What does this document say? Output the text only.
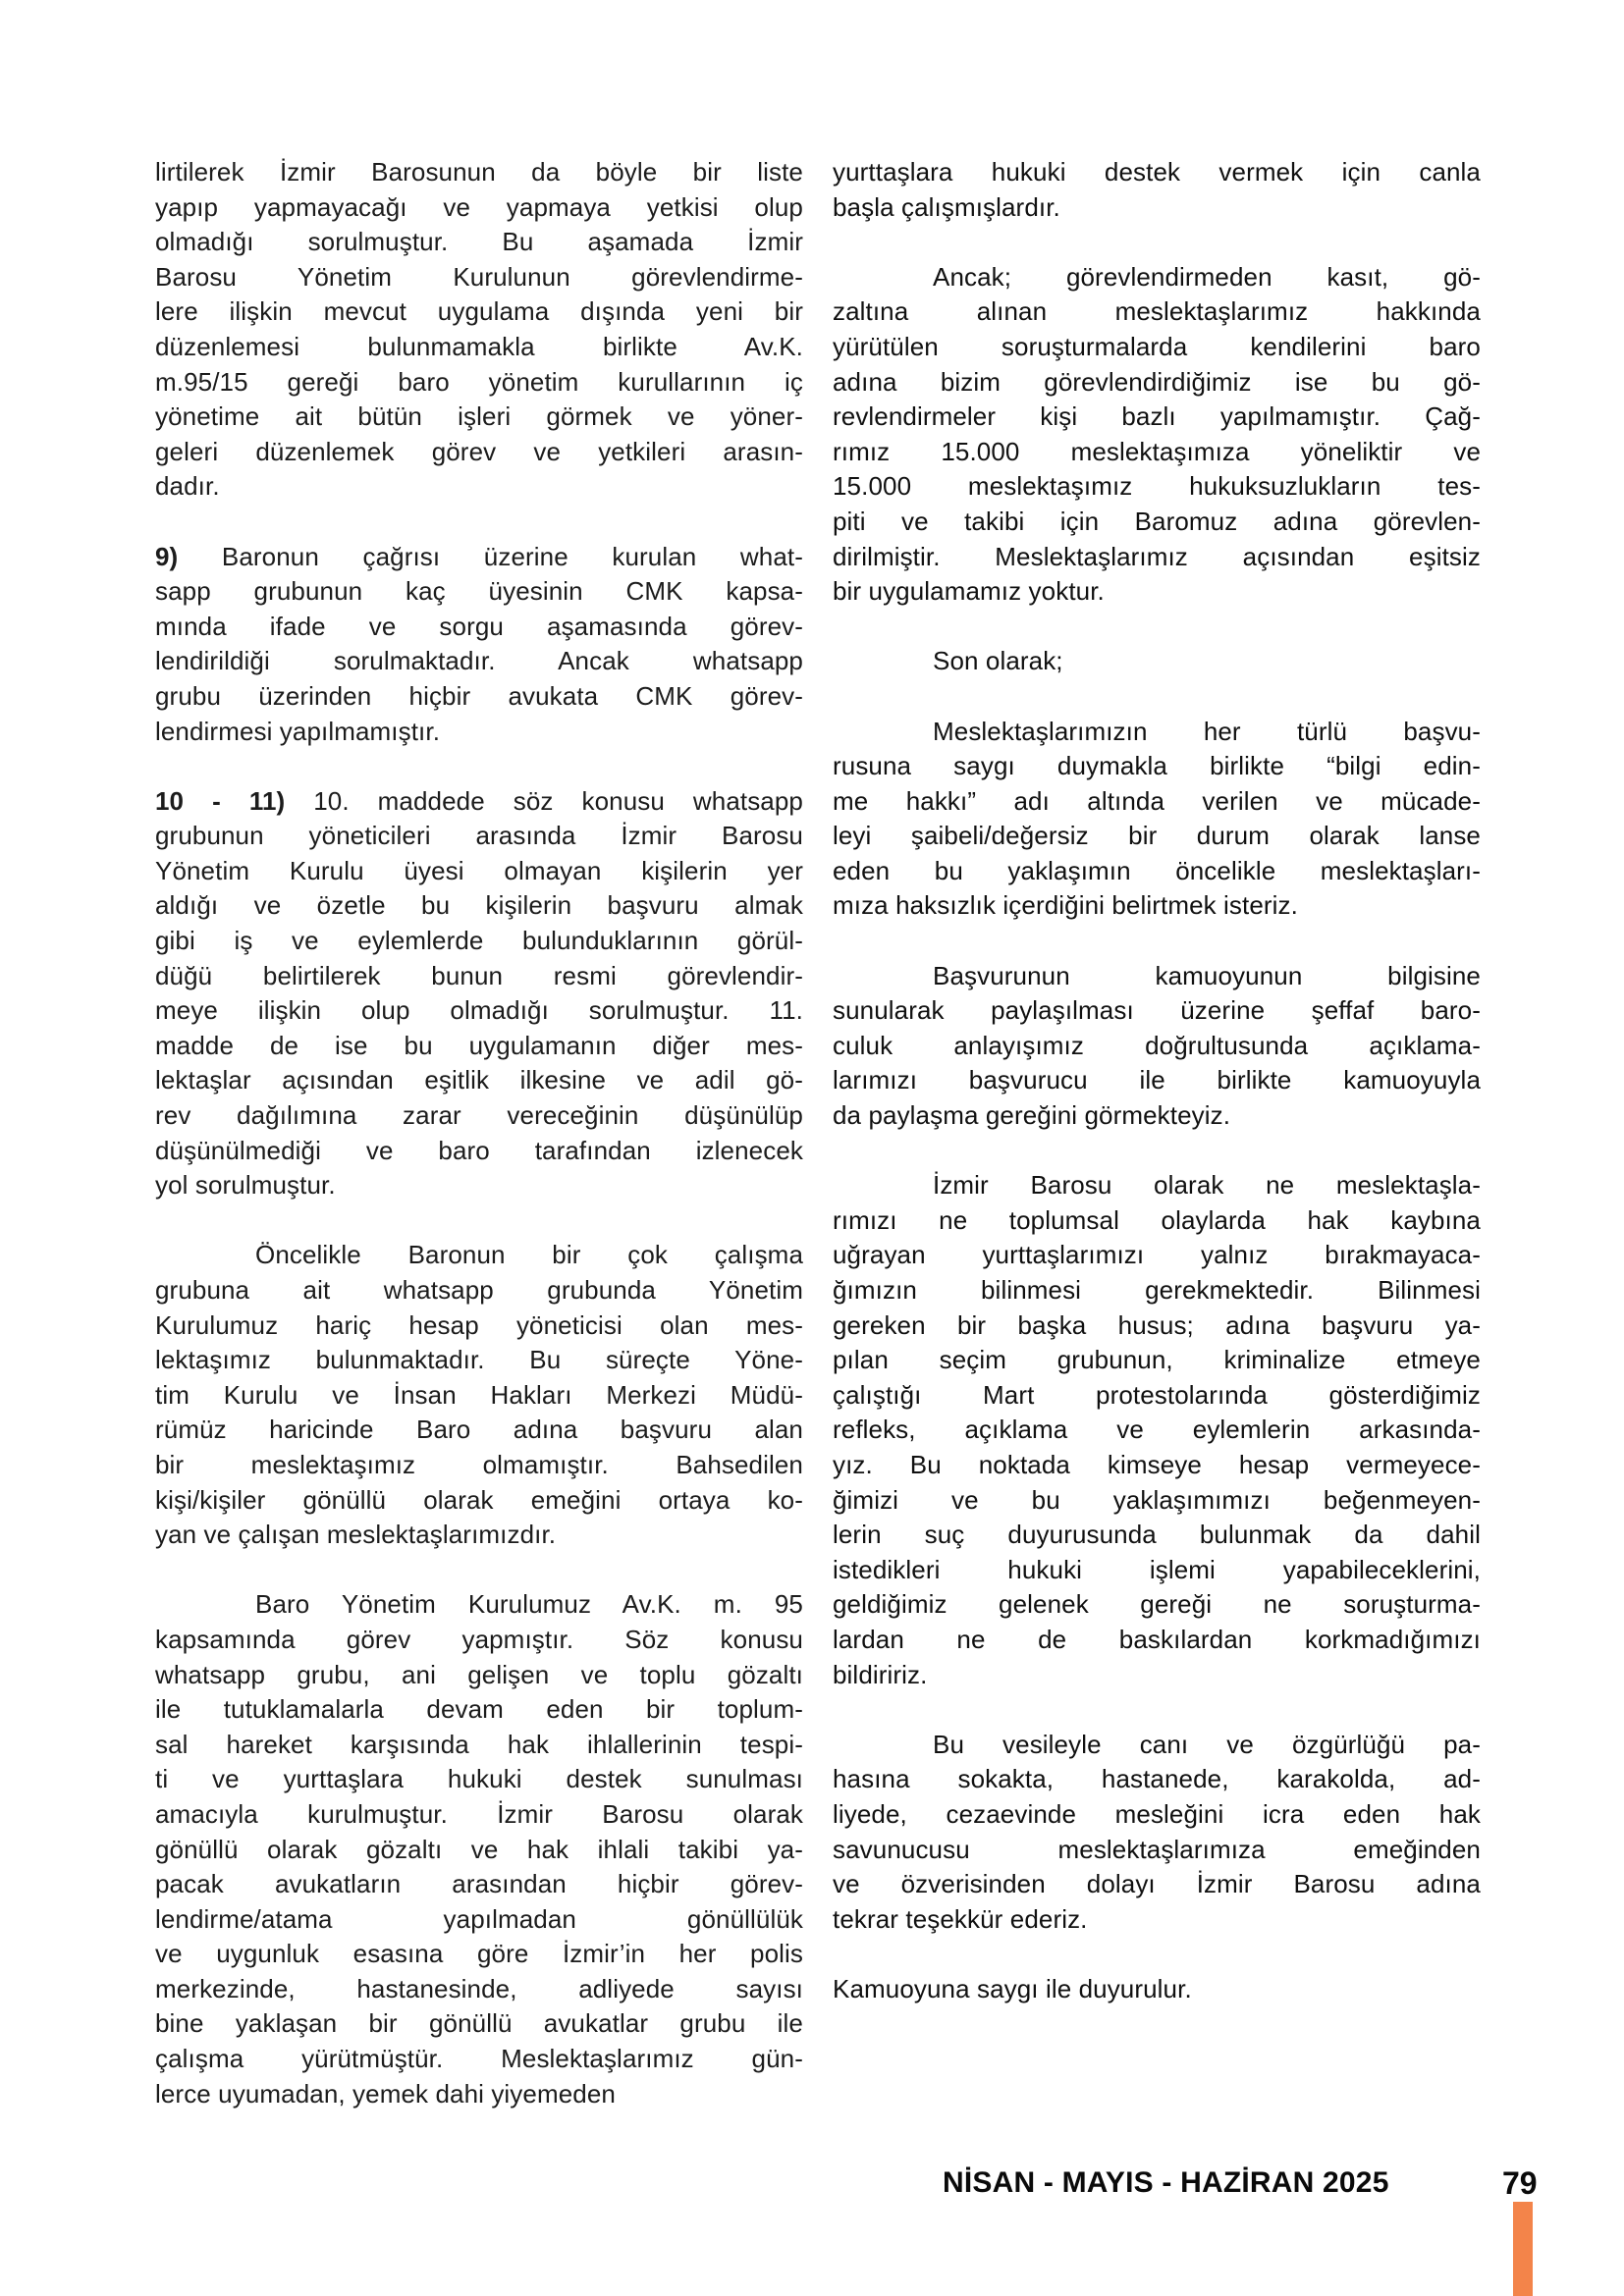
lirtilerek İzmir Barosunun da böyle bir liste
yapıp yapmayacağı ve yapmaya yetkisi olup
olmadığı sorulmuştur. Bu aşamada İzmir
Barosu Yönetim Kurulunun görevlendirme-
lere ilişkin mevcut uygulama dışında yeni bir
düzenlemesi bulunmamakla birlikte Av.K.
m.95/15 gereği baro yönetim kurullarının iç
yönetime ait bütün işleri görmek ve yöner-
geleri düzenlemek görev ve yetkileri arasın-
dadır.
9) Baronun çağrısı üzerine kurulan what-
sapp grubunun kaç üyesinin CMK kapsa-
mında ifade ve sorgu aşamasında görev-
lendirildiği sorulmaktadır. Ancak whatsapp
grubu üzerinden hiçbir avukata CMK görev-
lendirmesi yapılmamıştır.
10 - 11) 10. maddede söz konusu whatsapp
grubunun yöneticileri arasında İzmir Barosu
Yönetim Kurulu üyesi olmayan kişilerin yer
aldığı ve özetle bu kişilerin başvuru almak
gibi iş ve eylemlerde bulunduklarının görül-
düğü belirtilerek bunun resmi görevlendir-
meye ilişkin olup olmadığı sorulmuştur. 11.
madde de ise bu uygulamanın diğer mes-
lektaşlar açısından eşitlik ilkesine ve adil gö-
rev dağılımına zarar vereceğinin düşünülüp
düşünülmediği ve baro tarafından izlenecek
yol sorulmuştur.
Öncelikle Baronun bir çok çalışma
grubuna ait whatsapp grubunda Yönetim
Kurulumuz hariç hesap yöneticisi olan mes-
lektaşımız bulunmaktadır. Bu süreçte Yöne-
tim Kurulu ve İnsan Hakları Merkezi Müdü-
rümüz haricinde Baro adına başvuru alan
bir meslektaşımız olmamıştır. Bahsedilen
kişi/kişiler gönüllü olarak emeğini ortaya ko-
yan ve çalışan meslektaşlarımızdır.
Baro Yönetim Kurulumuz Av.K. m. 95
kapsamında görev yapmıştır. Söz konusu
whatsapp grubu, ani gelişen ve toplu gözaltı
ile tutuklamalarla devam eden bir toplum-
sal hareket karşısında hak ihlallerinin tespi-
ti ve yurttaşlara hukuki destek sunulması
amacıyla kurulmuştur. İzmir Barosu olarak
gönüllü olarak gözaltı ve hak ihlali takibi ya-
pacak avukatların arasından hiçbir görev-
lendirme/atama yapılmadan gönüllülük
ve uygunluk esasına göre İzmir’in her polis
merkezinde, hastanesinde, adliyede sayısı
bine yaklaşan bir gönüllü avukatlar grubu ile
çalışma yürütmüştür. Meslektaşlarımız gün-
lerce uyumadan, yemek dahi yiyemeden
yurttaşlara hukuki destek vermek için canla
başla çalışmışlardır.
Ancak; görevlendirmeden kasıt, gö-
zaltına alınan meslektaşlarımız hakkında
yürütülen soruşturmalarda kendilerini baro
adına bizim görevlendirdiğimiz ise bu gö-
revlendirmeler kişi bazlı yapılmamıştır. Çağ-
rımız 15.000 meslektaşımıza yöneliktir ve
15.000 meslektaşımız hukuksuzlukların tes-
piti ve takibi için Baromuz adına görevlen-
dirilmiştir. Meslektaşlarımız açısından eşitsiz
bir uygulamamız yoktur.
Son olarak;
Meslektaşlarımızın her türlü başvu-
rusuna saygı duymakla birlikte “bilgi edin-
me hakkı” adı altında verilen ve mücade-
leyi şaibeli/değersiz bir durum olarak lanse
eden bu yaklaşımın öncelikle meslektaşları-
mıza haksızlık içerdiğini belirtmek isteriz.
Başvurunun kamuoyunun bilgisine
sunularak paylaşılması üzerine şeffaf baro-
culuk anlayışımız doğrultusunda açıklama-
larımızı başvurucu ile birlikte kamuoyuyla
da paylaşma gereğini görmekteyiz.
İzmir Barosu olarak ne meslektaşla-
rımızı ne toplumsal olaylarda hak kaybına
uğrayan yurttaşlarımızı yalnız bırakmayaca-
ğımızın bilinmesi gerekmektedir. Bilinmesi
gereken bir başka husus; adına başvuru ya-
pılan seçim grubunun, kriminalize etmeye
çalıştığı Mart protestolarında gösterdiğimiz
refleks, açıklama ve eylemlerin arkasında-
yız. Bu noktada kimseye hesap vermeyece-
ğimizi ve bu yaklaşımımızı beğenmeyen-
lerin suç duyurusunda bulunmak da dahil
istedikleri hukuki işlemi yapabileceklerini,
geldiğimiz gelenek gereği ne soruşturma-
lardan ne de baskılardan korkmadığımızı
bildiririz.
Bu vesileyle canı ve özgürlüğü pa-
hasına sokakta, hastanede, karakolda, ad-
liyede, cezaevinde mesleğini icra eden hak
savunucusu meslektaşlarımıza emeğinden
ve özverisinden dolayı İzmir Barosu adına
tekrar teşekkür ederiz.
Kamuoyuna saygı ile duyurulur.
NİSAN - MAYIS - HAZİRAN 2025	79
